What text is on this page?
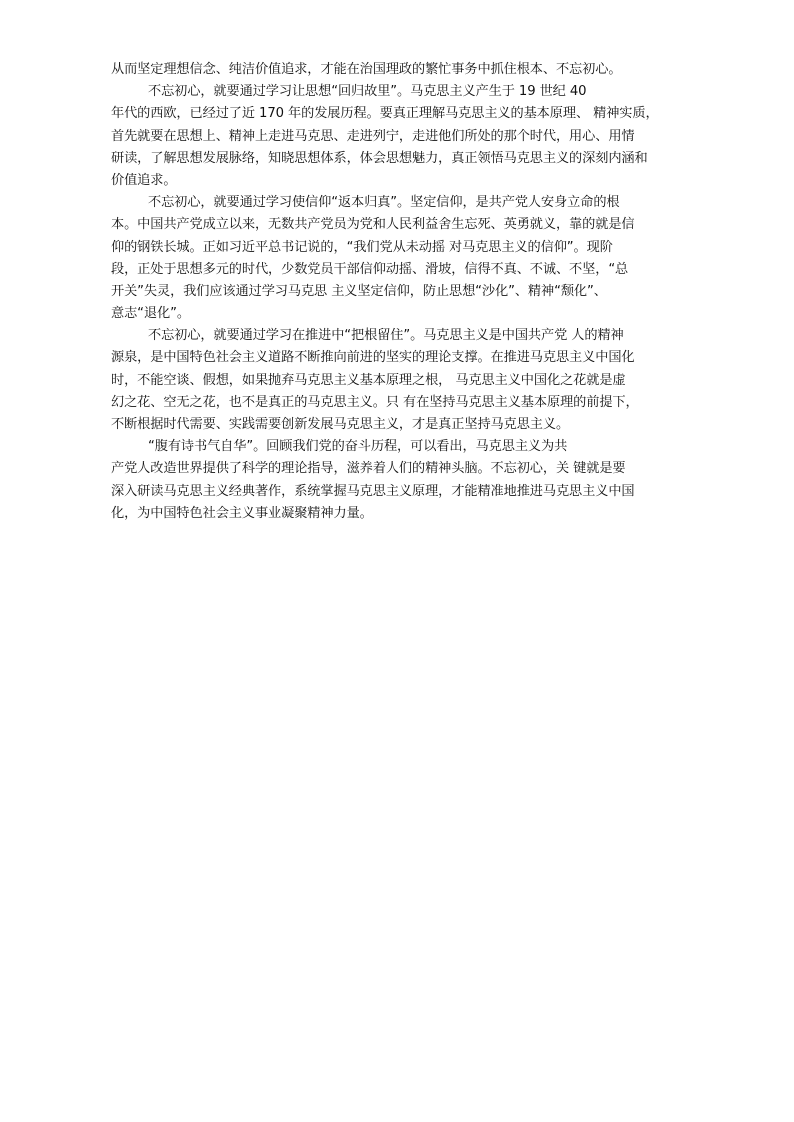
从而坚定理想信念、纯洁价值追求，才能在治国理政的繁忙事务中抓住根本、不忘初心。
不忘初心，就要通过学习让思想“回归故里”。马克思主义产生于 19 世纪 40
年代的西欧，已经过了近 170 年的发展历程。要真正理解马克思主义的基本原理、 精神实质，
首先就要在思想上、精神上走进马克思、走进列宁，走进他们所处的那个时代，用心、用情
研读，了解思想发展脉络，知晓思想体系，体会思想魅力，真正领悟马克思主义的深刻内涵和
价值追求。
不忘初心，就要通过学习使信仰“返本归真”。坚定信仰，是共产党人安身立命的根
本。中国共产党成立以来，无数共产党员为党和人民利益舍生忘死、英勇就义，靠的就是信
仰的钢铁长城。正如习近平总书记说的，“我们党从未动摇 对马克思主义的信仰”。现阶
段，正处于思想多元的时代，少数党员干部信仰动摇、滑坡，信得不真、不诚、不坚，“总
开关”失灵，我们应该通过学习马克思 主义坚定信仰，防止思想“沙化”、精神“颓化”、
意志“退化”。
不忘初心，就要通过学习在推进中“把根留住”。马克思主义是中国共产党 人的精神
源泉，是中国特色社会主义道路不断推向前进的坚实的理论支撑。在推进马克思主义中国化
时，不能空谈、假想，如果抛弃马克思主义基本原理之根， 马克思主义中国化之花就是虚
幻之花、空无之花，也不是真正的马克思主义。只 有在坚持马克思主义基本原理的前提下，
不断根据时代需要、实践需要创新发展马克思主义，才是真正坚持马克思主义。
“腹有诗书气自华”。回顾我们党的奋斗历程，可以看出，马克思主义为共
产党人改造世界提供了科学的理论指导，滋养着人们的精神头脑。不忘初心，关 键就是要
深入研读马克思主义经典著作，系统掌握马克思主义原理，才能精准地推进马克思主义中国
化，为中国特色社会主义事业凝聚精神力量。
